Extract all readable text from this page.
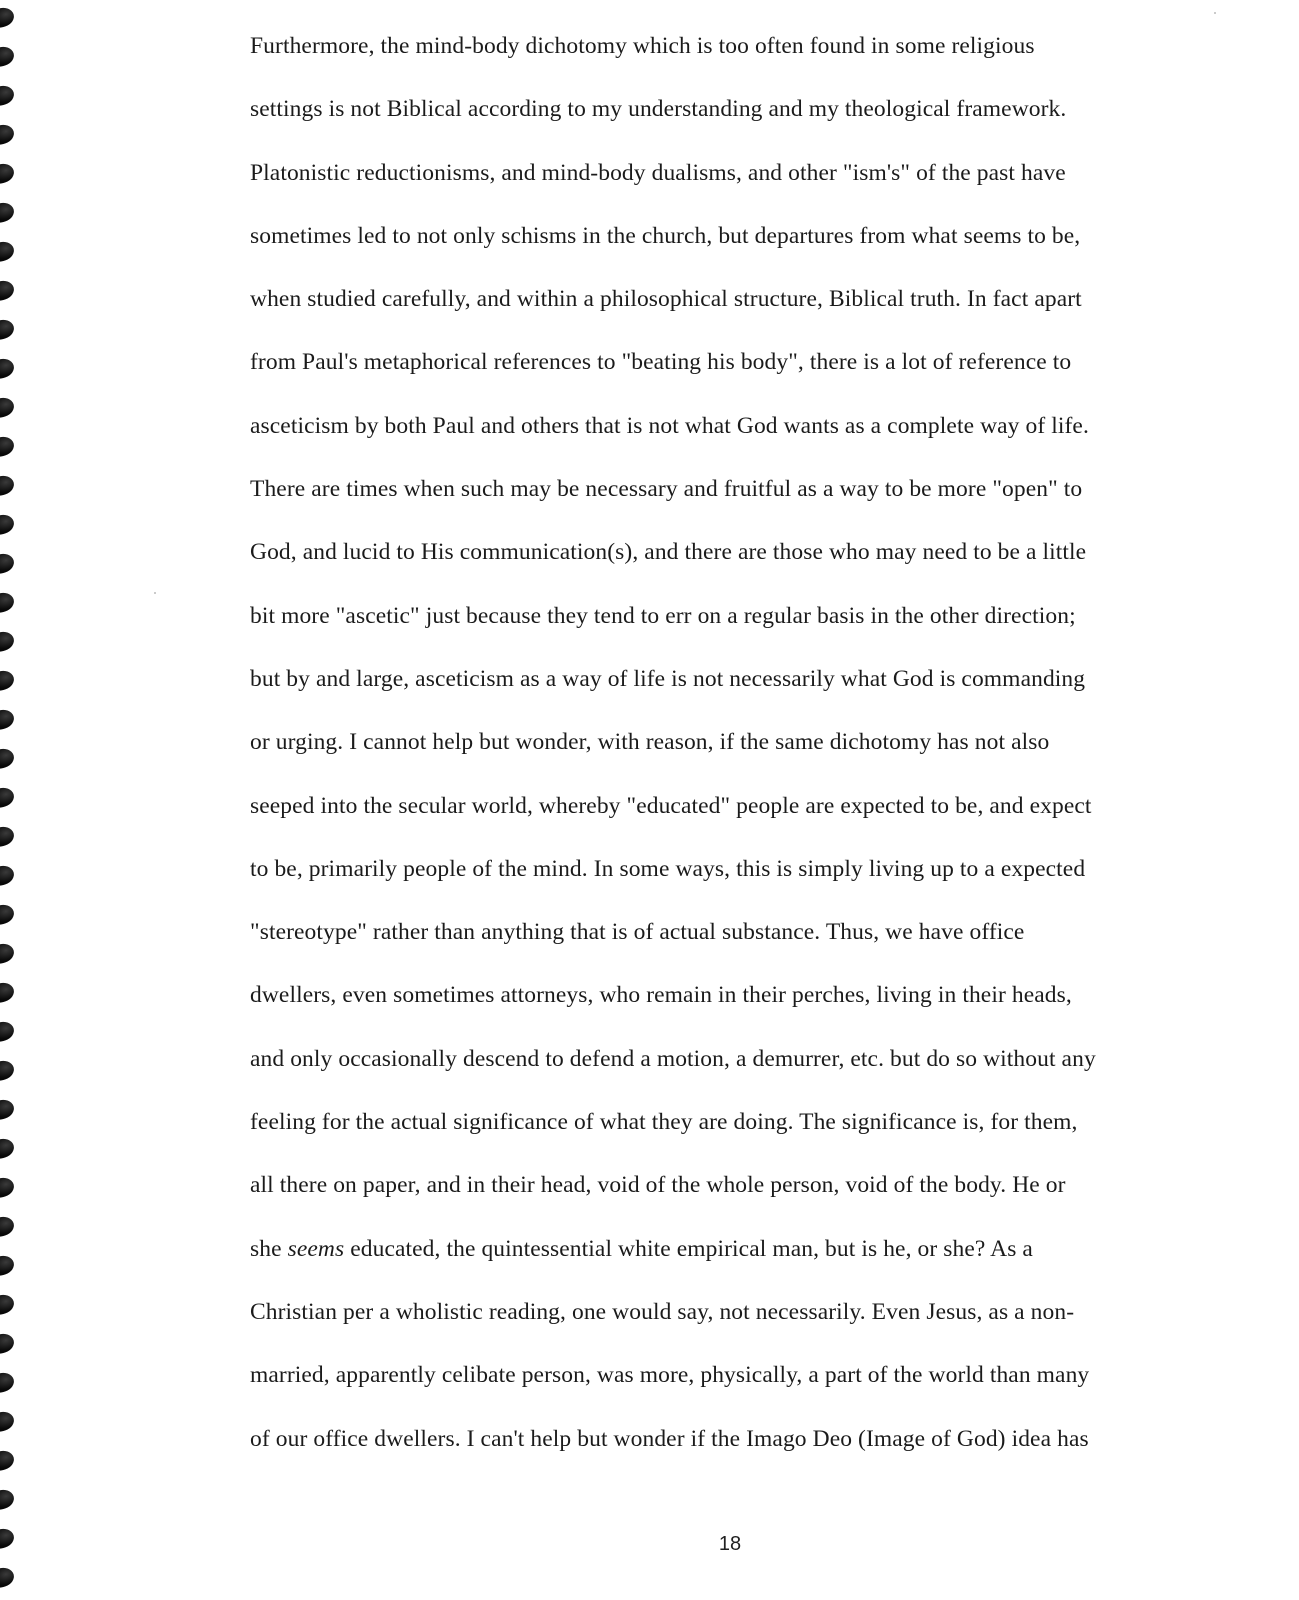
Furthermore, the mind-body dichotomy which is too often found in some religious
settings is not Biblical according to my understanding and my theological framework.
Platonistic reductionisms, and mind-body dualisms, and other "ism's" of the past have
sometimes led to not only schisms in the church, but departures from what seems to be,
when studied carefully, and within a philosophical structure, Biblical truth. In fact apart
from Paul's metaphorical references to "beating his body", there is a lot of reference to
asceticism by both Paul and others that is not what God wants as a complete way of life.
There are times when such may be necessary and fruitful as a way to be more "open" to
God, and lucid to His communication(s), and there are those who may need to be a little
bit more "ascetic" just because they tend to err on a regular basis in the other direction;
but by and large, asceticism as a way of life is not necessarily what God is commanding
or urging. I cannot help but wonder, with reason, if the same dichotomy has not also
seeped into the secular world, whereby "educated" people are expected to be, and expect
to be, primarily people of the mind. In some ways, this is simply living up to a expected
"stereotype" rather than anything that is of actual substance. Thus, we have office
dwellers, even sometimes attorneys, who remain in their perches, living in their heads,
and only occasionally descend to defend a motion, a demurrer, etc. but do so without any
feeling for the actual significance of what they are doing. The significance is, for them,
all there on paper, and in their head, void of the whole person, void of the body. He or
she seems educated, the quintessential white empirical man, but is he, or she? As a
Christian per a wholistic reading, one would say, not necessarily. Even Jesus, as a non-
married, apparently celibate person, was more, physically, a part of the world than many
of our office dwellers. I can't help but wonder if the Imago Deo (Image of God) idea has
18
